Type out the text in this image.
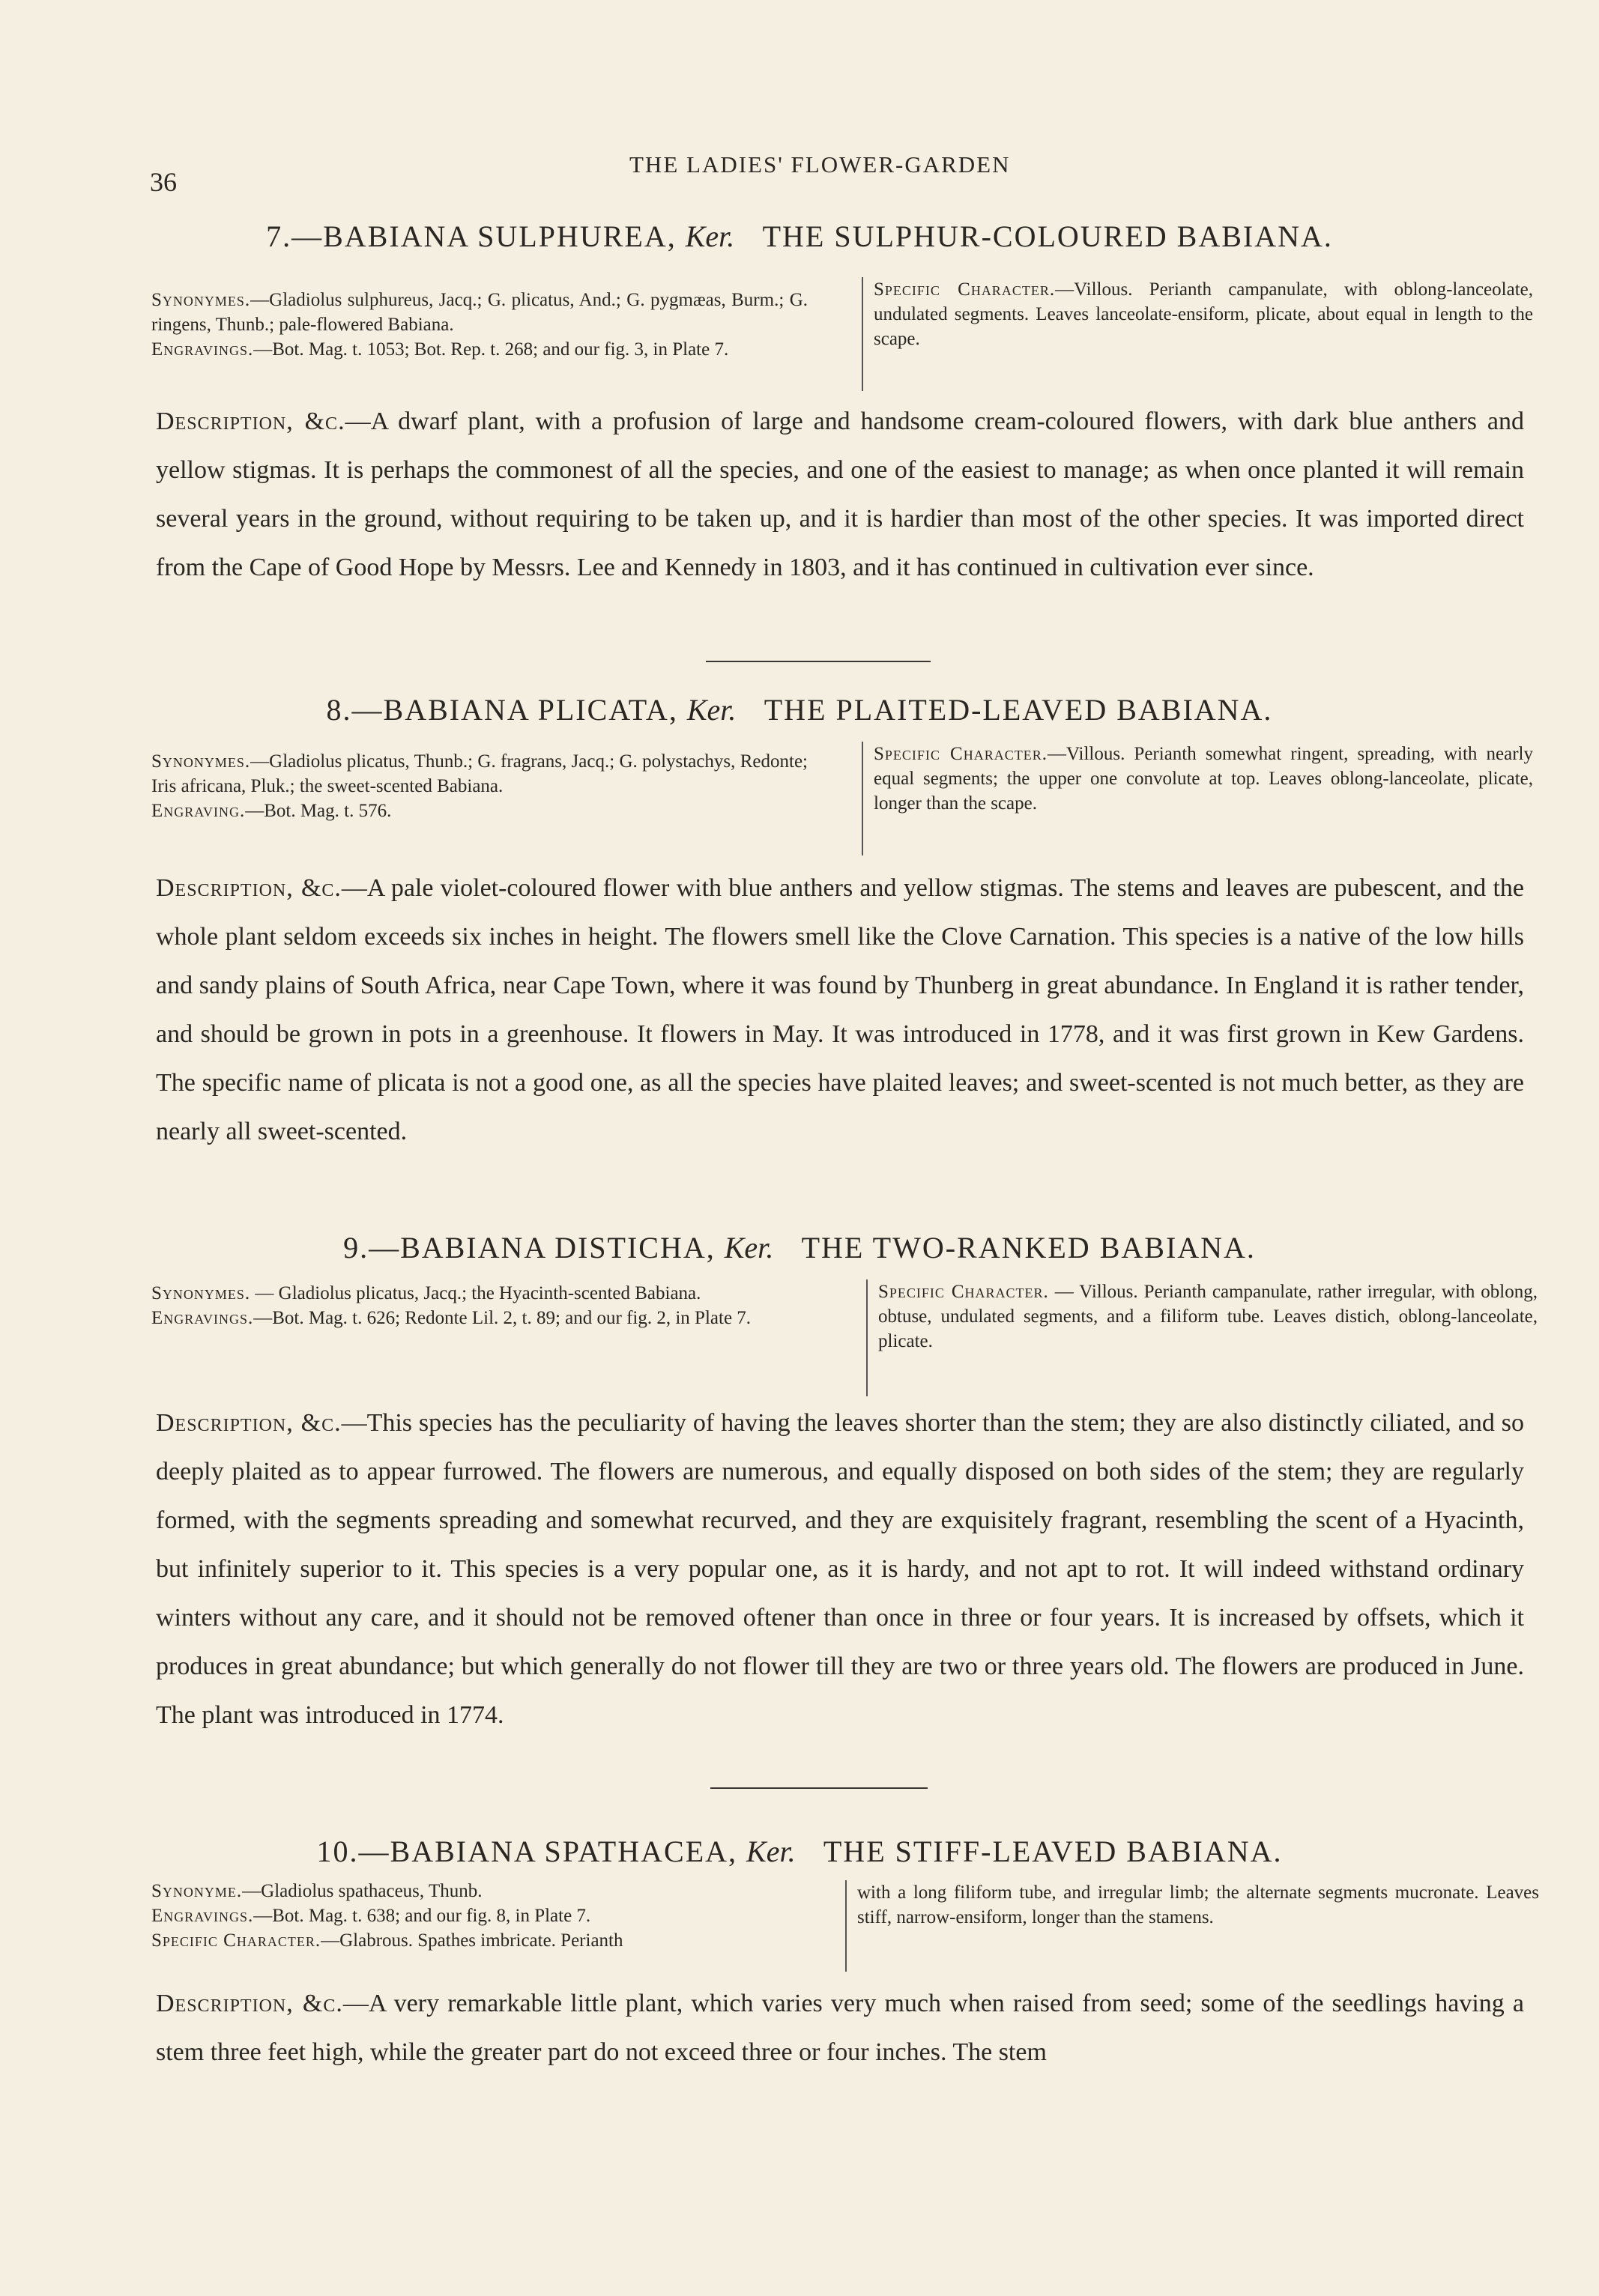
36
THE LADIES' FLOWER-GARDEN
7.—BABIANA SULPHUREA, Ker. THE SULPHUR-COLOURED BABIANA.

Synonymes.—Gladiolus sulphureus, Jacq.; G. plicatus, And.; G. pygmæas, Burm.; G. ringens, Thunb.; pale-flowered Babiana.

Engravings.—Bot. Mag. t. 1053; Bot. Rep. t. 268; and our fig. 3, in Plate 7.

Specific Character.—Villous. Perianth campanulate, with oblong-lanceolate, undulated segments. Leaves lanceolate-ensiform, plicate, about equal in length to the scape.

Description, &c.—A dwarf plant, with a profusion of large and handsome cream-coloured flowers, with dark blue anthers and yellow stigmas. It is perhaps the commonest of all the species, and one of the easiest to manage; as when once planted it will remain several years in the ground, without requiring to be taken up, and it is hardier than most of the other species. It was imported direct from the Cape of Good Hope by Messrs. Lee and Kennedy in 1803, and it has continued in cultivation ever since.

8.—BABIANA PLICATA, Ker. THE PLAITED-LEAVED BABIANA.

Synonymes.—Gladiolus plicatus, Thunb.; G. fragrans, Jacq.; G. polystachys, Redonte; Iris africana, Pluk.; the sweet-scented Babiana.

Engraving.—Bot. Mag. t. 576.

Specific Character.—Villous. Perianth somewhat ringent, spreading, with nearly equal segments; the upper one convolute at top. Leaves oblong-lanceolate, plicate, longer than the scape.

Description, &c.—A pale violet-coloured flower with blue anthers and yellow stigmas. The stems and leaves are pubescent, and the whole plant seldom exceeds six inches in height. The flowers smell like the Clove Carnation. This species is a native of the low hills and sandy plains of South Africa, near Cape Town, where it was found by Thunberg in great abundance. In England it is rather tender, and should be grown in pots in a greenhouse. It flowers in May. It was introduced in 1778, and it was first grown in Kew Gardens. The specific name of plicata is not a good one, as all the species have plaited leaves; and sweet-scented is not much better, as they are nearly all sweet-scented.

9.—BABIANA DISTICHA, Ker. THE TWO-RANKED BABIANA.

Synonymes. — Gladiolus plicatus, Jacq.; the Hyacinth-scented Babiana.

Engravings.—Bot. Mag. t. 626; Redonte Lil. 2, t. 89; and our fig. 2, in Plate 7.

Specific Character. — Villous. Perianth campanulate, rather irregular, with oblong, obtuse, undulated segments, and a filiform tube. Leaves distich, oblong-lanceolate, plicate.

Description, &c.—This species has the peculiarity of having the leaves shorter than the stem; they are also distinctly ciliated, and so deeply plaited as to appear furrowed. The flowers are numerous, and equally disposed on both sides of the stem; they are regularly formed, with the segments spreading and somewhat recurved, and they are exquisitely fragrant, resembling the scent of a Hyacinth, but infinitely superior to it. This species is a very popular one, as it is hardy, and not apt to rot. It will indeed withstand ordinary winters without any care, and it should not be removed oftener than once in three or four years. It is increased by offsets, which it produces in great abundance; but which generally do not flower till they are two or three years old. The flowers are produced in June. The plant was introduced in 1774.

10.—BABIANA SPATHACEA, Ker. THE STIFF-LEAVED BABIANA.

Synonyme.—Gladiolus spathaceus, Thunb.

Engravings.—Bot. Mag. t. 638; and our fig. 8, in Plate 7.

Specific Character.—Glabrous. Spathes imbricate. Perianth

with a long filiform tube, and irregular limb; the alternate segments mucronate. Leaves stiff, narrow-ensiform, longer than the stamens.

Description, &c.—A very remarkable little plant, which varies very much when raised from seed; some of the seedlings having a stem three feet high, while the greater part do not exceed three or four inches. The stem
